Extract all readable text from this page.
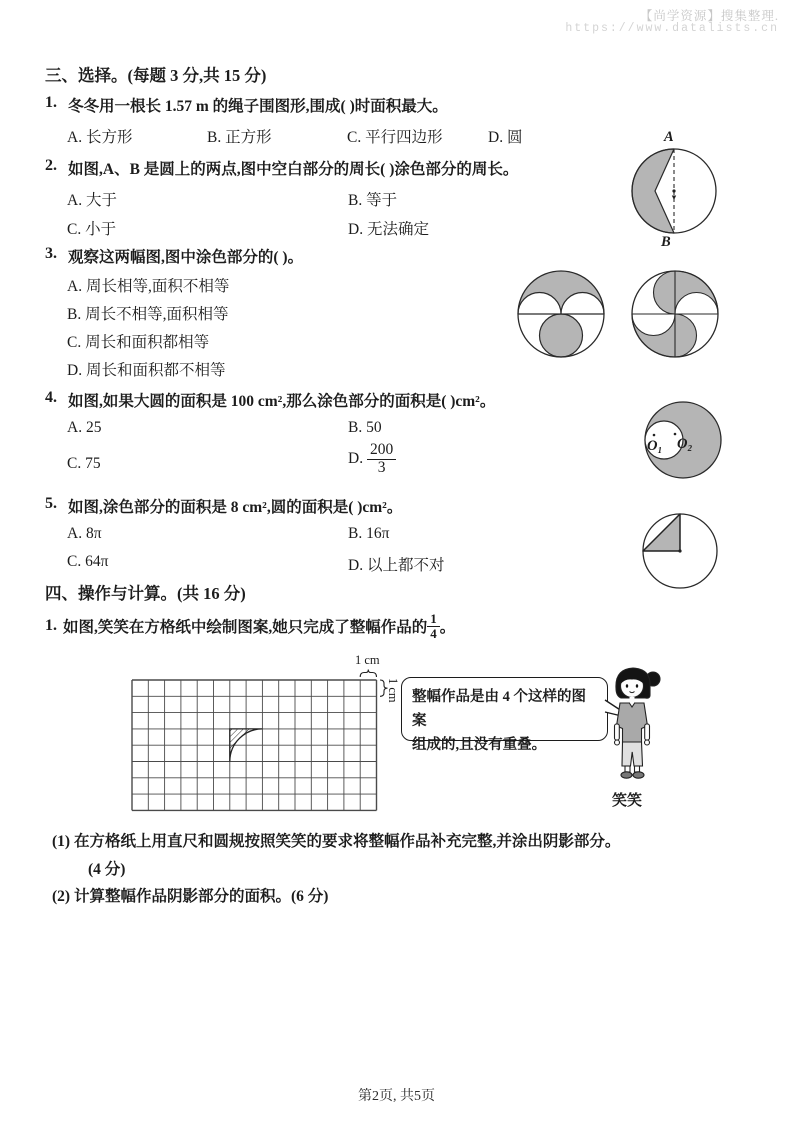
【尚学资源】搜集整理.
https://www.datalists.cn
三、选择。(每题 3 分,共 15 分)
1. 冬冬用一根长 1.57 m 的绳子围图形,围成( )时面积最大。
A. 长方形	B. 正方形	C. 平行四边形	D. 圆
2. 如图,A、B 是圆上的两点,图中空白部分的周长( )涂色部分的周长。
A. 大于	B. 等于
C. 小于	D. 无法确定
A
B
3. 观察这两幅图,图中涂色部分的( )。
A. 周长相等,面积不相等
B. 周长不相等,面积相等
C. 周长和面积都相等
D. 周长和面积都不相等
4. 如图,如果大圆的面积是 100 cm²,那么涂色部分的面积是( )cm²。
A. 25	B. 50
C. 75	D.
$\frac{200}{3}$	O₁ O₂
5. 如图,涂色部分的面积是 8 cm²,圆的面积是( )cm²。
A. 8π	B. 16π
C. 64π	D. 以上都不对
四、操作与计算。(共 16 分)
1. 如图,笑笑在方格纸中绘制图案,她只完成了整幅作品的 $\frac{1}{4}$ 。
1 cm
1 cm 整幅作品是由 4 个这样的图案
组成的,且没有重叠。
笑笑
(1) 在方格纸上用直尺和圆规按照笑笑的要求将整幅作品补充完整,并涂出阴影部分。
(4 分)
(2) 计算整幅作品阴影部分的面积。(6 分)
第2页, 共5页
